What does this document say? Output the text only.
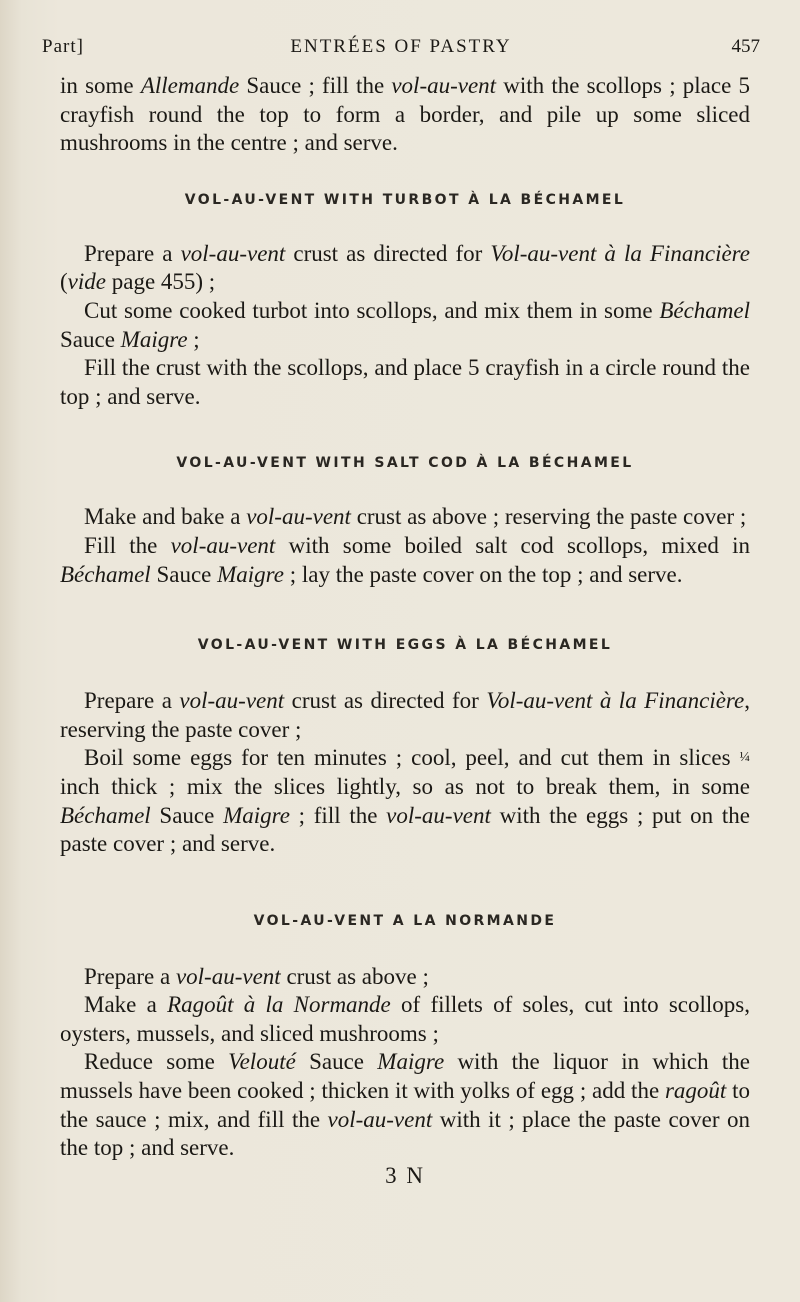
Part]	ENTRÉES OF PASTRY	457

in some Allemande Sauce ; fill the vol-au-vent with the scollops ; place 5 crayfish round the top to form a border, and pile up some sliced mushrooms in the centre ; and serve.

VOL-AU-VENT WITH TURBOT À LA BÉCHAMEL

Prepare a vol-au-vent crust as directed for Vol-au-vent à la Financière (vide page 455) ;

Cut some cooked turbot into scollops, and mix them in some Béchamel Sauce Maigre ;

Fill the crust with the scollops, and place 5 crayfish in a circle round the top ; and serve.

VOL-AU-VENT WITH SALT COD À LA BÉCHAMEL

Make and bake a vol-au-vent crust as above ; reserving the paste cover ;

Fill the vol-au-vent with some boiled salt cod scollops, mixed in Béchamel Sauce Maigre ; lay the paste cover on the top ; and serve.

VOL-AU-VENT WITH EGGS À LA BÉCHAMEL

Prepare a vol-au-vent crust as directed for Vol-au-vent à la Financière, reserving the paste cover ;

Boil some eggs for ten minutes ; cool, peel, and cut them in slices ¼ inch thick ; mix the slices lightly, so as not to break them, in some Béchamel Sauce Maigre ; fill the vol-au-vent with the eggs ; put on the paste cover ; and serve.

VOL-AU-VENT A LA NORMANDE

Prepare a vol-au-vent crust as above ;

Make a Ragoût à la Normande of fillets of soles, cut into scollops, oysters, mussels, and sliced mushrooms ;

Reduce some Velouté Sauce Maigre with the liquor in which the mussels have been cooked ; thicken it with yolks of egg ; add the ragoût to the sauce ; mix, and fill the vol-au-vent with it ; place the paste cover on the top ; and serve.

3 N
